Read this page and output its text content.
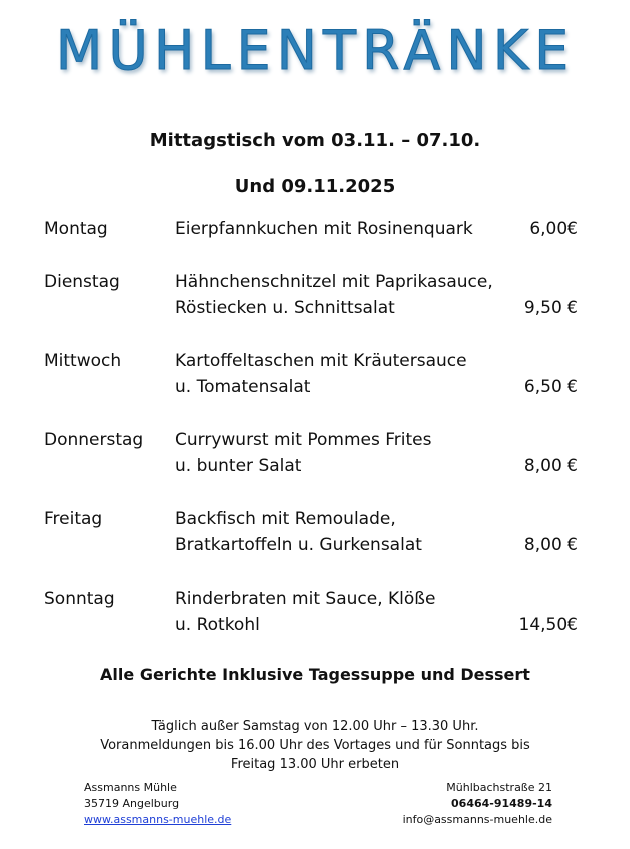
MÜHLENTRÄNKE
Mittagstisch vom 03.11. – 07.10.
Und 09.11.2025
Montag	Eierpfannkuchen mit Rosinenquark	6,00€
Dienstag	Hähnchenschnitzel mit Paprikasauce,
Röstiecken u. Schnittsalat	9,50 €
Mittwoch	Kartoffeltaschen mit Kräutersauce
u. Tomatensalat	6,50 €
Donnerstag Currywurst mit Pommes Frites
u. bunter Salat	8,00 €
Freitag	Backfisch mit Remoulade,
Bratkartoffeln u. Gurkensalat	8,00 €
Sonntag	Rinderbraten mit Sauce, Klöße
u. Rotkohl	14,50€
Alle Gerichte Inklusive Tagessuppe und Dessert
Täglich außer Samstag von 12.00 Uhr – 13.30 Uhr.
Voranmeldungen bis 16.00 Uhr des Vortages und für Sonntags bis
Freitag 13.00 Uhr erbeten
Assmanns Mühle
35719 Angelburg
www.assmanns-muehle.de
Mühlbachstraße 21
06464-91489-14
info@assmanns-muehle.de
